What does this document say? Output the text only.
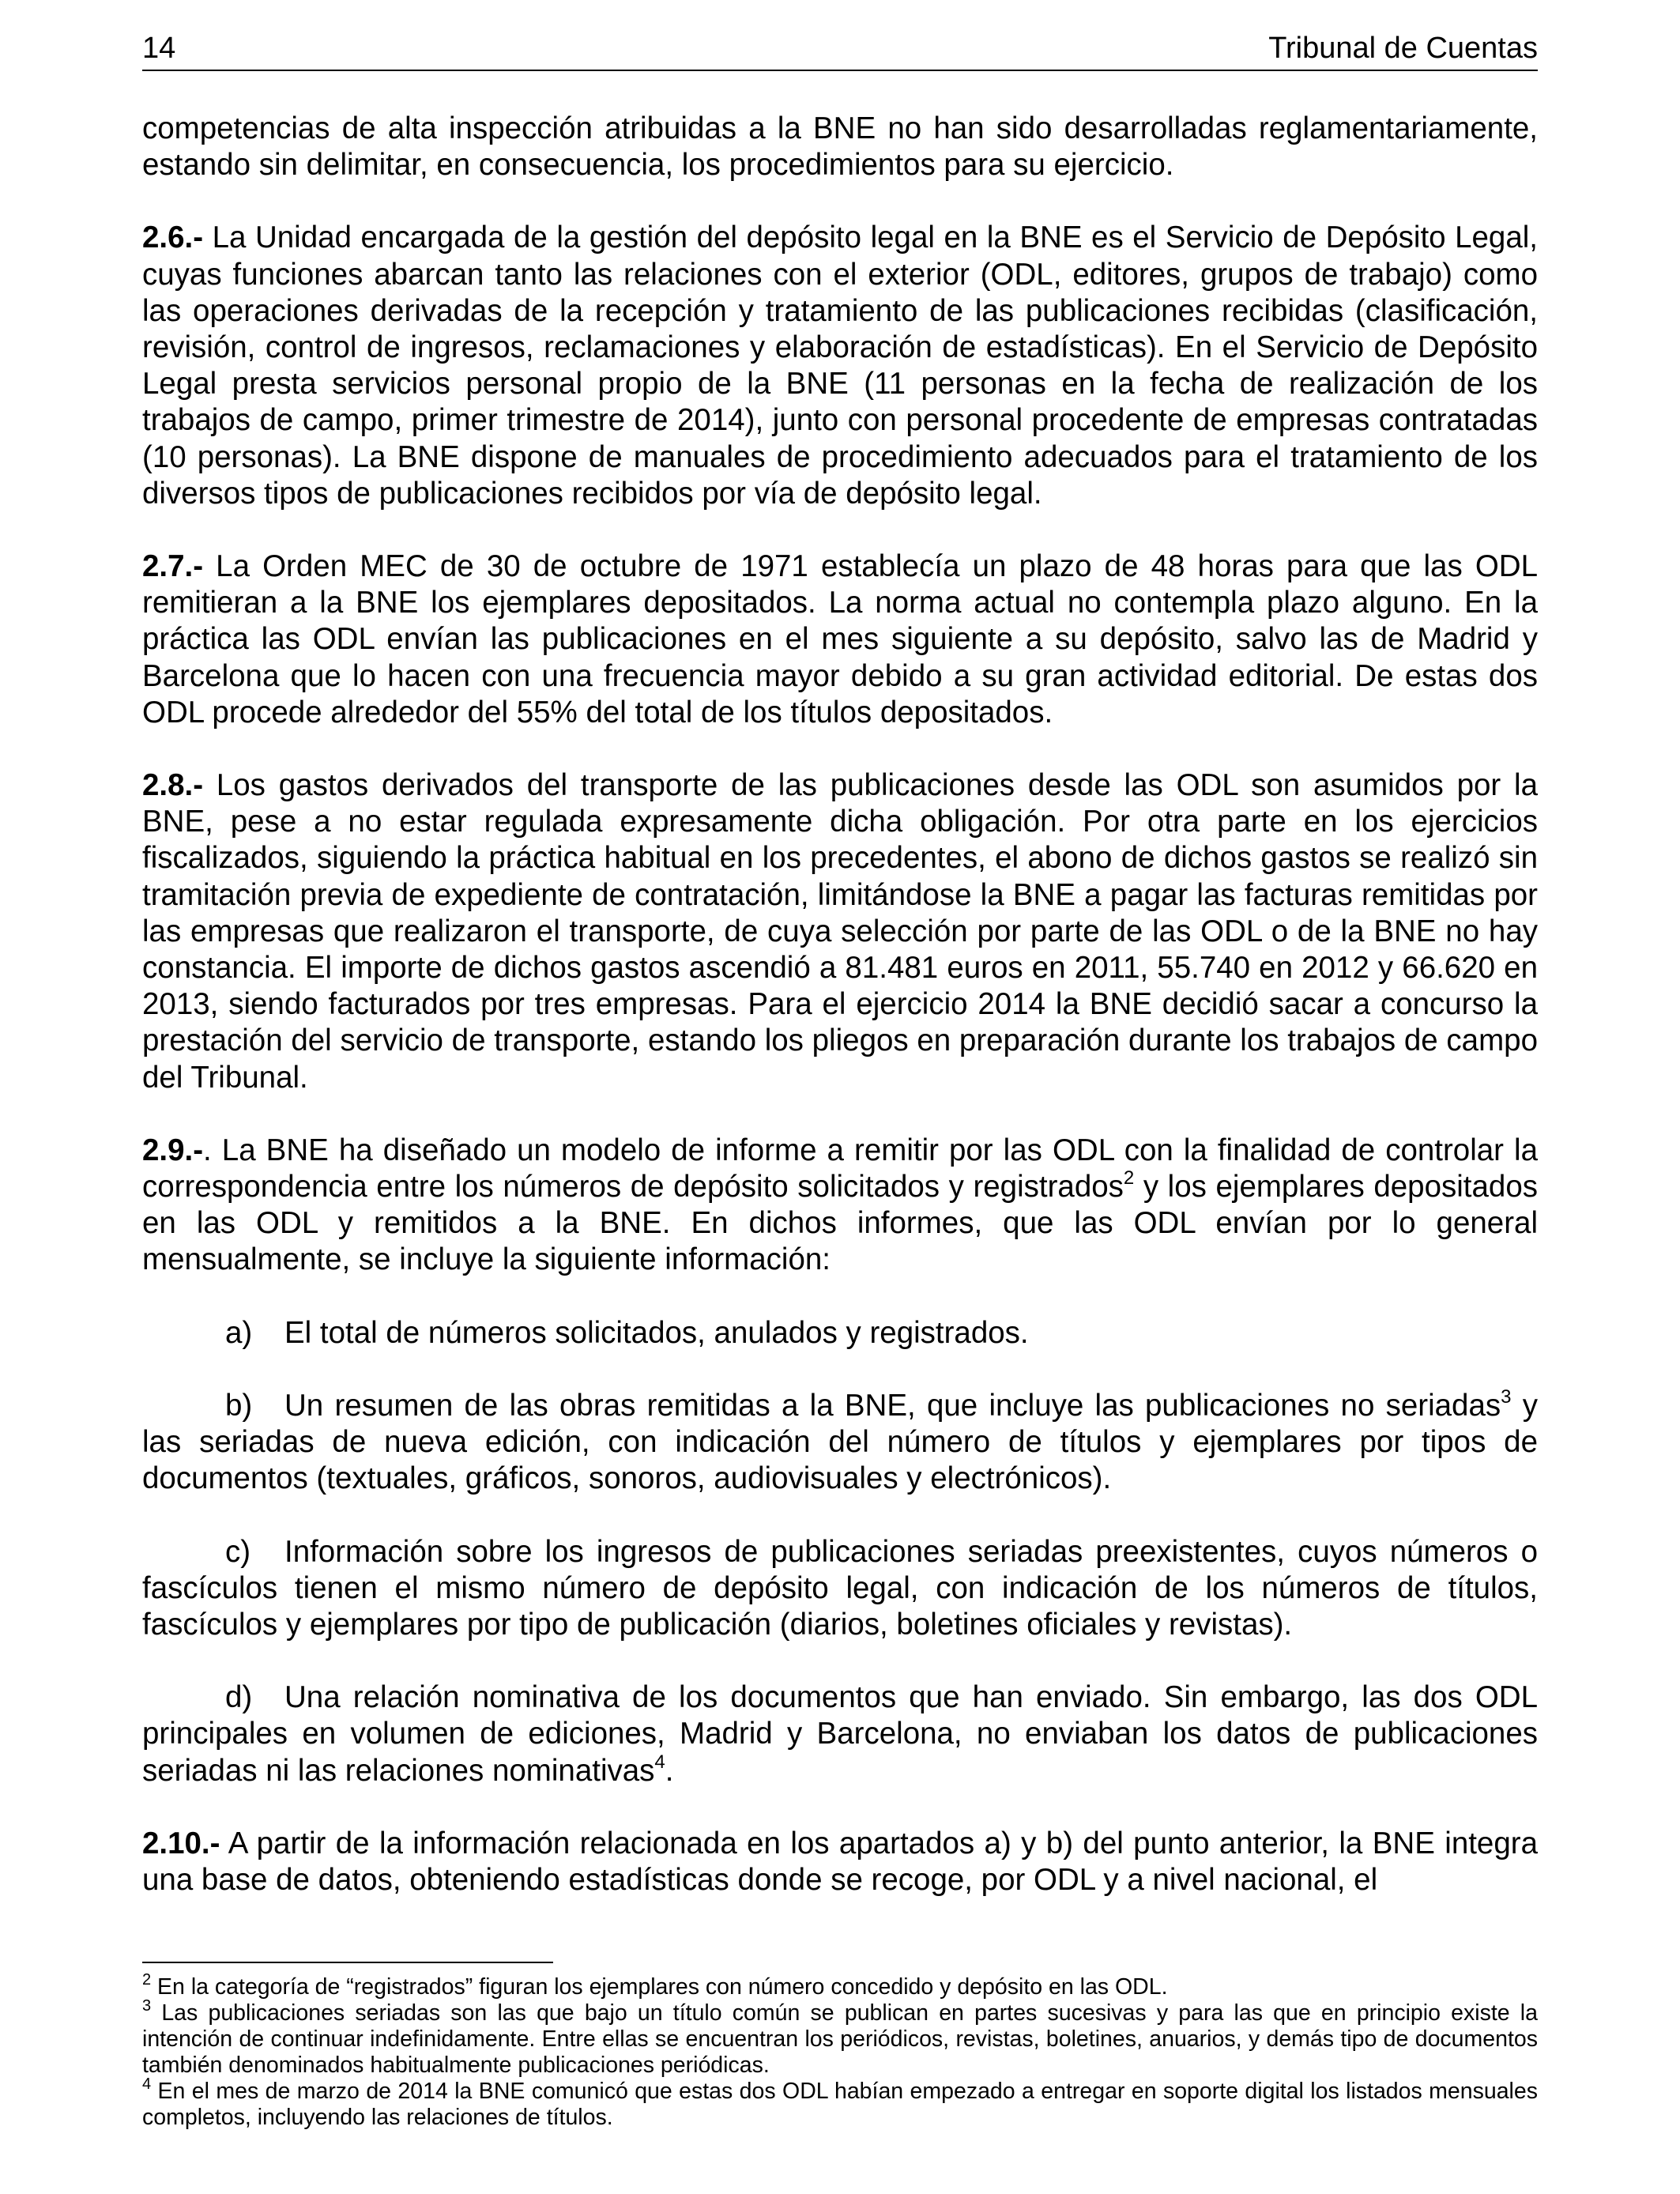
14	Tribunal de Cuentas

competencias de alta inspección atribuidas a la BNE no han sido desarrolladas reglamentariamente, estando sin delimitar, en consecuencia, los procedimientos para su ejercicio.

2.6.- La Unidad encargada de la gestión del depósito legal en la BNE es el Servicio de Depósito Legal, cuyas funciones abarcan tanto las relaciones con el exterior (ODL, editores, grupos de trabajo) como las operaciones derivadas de la recepción y tratamiento de las publicaciones recibidas (clasificación, revisión, control de ingresos, reclamaciones y elaboración de estadísticas). En el Servicio de Depósito Legal presta servicios personal propio de la BNE (11 personas en la fecha de realización de los trabajos de campo, primer trimestre de 2014), junto con personal procedente de empresas contratadas (10 personas). La BNE dispone de manuales de procedimiento adecuados para el tratamiento de los diversos tipos de publicaciones recibidos por vía de depósito legal.

2.7.- La Orden MEC de 30 de octubre de 1971 establecía un plazo de 48 horas para que las ODL remitieran a la BNE los ejemplares depositados. La norma actual no contempla plazo alguno. En la práctica las ODL envían las publicaciones en el mes siguiente a su depósito, salvo las de Madrid y Barcelona que lo hacen con una frecuencia mayor debido a su gran actividad editorial. De estas dos ODL procede alrededor del 55% del total de los títulos depositados.

2.8.- Los gastos derivados del transporte de las publicaciones desde las ODL son asumidos por la BNE, pese a no estar regulada expresamente dicha obligación. Por otra parte en los ejercicios fiscalizados, siguiendo la práctica habitual en los precedentes, el abono de dichos gastos se realizó sin tramitación previa de expediente de contratación, limitándose la BNE a pagar las facturas remitidas por las empresas que realizaron el transporte, de cuya selección por parte de las ODL o de la BNE no hay constancia. El importe de dichos gastos ascendió a 81.481 euros en 2011, 55.740 en 2012 y 66.620 en 2013, siendo facturados por tres empresas. Para el ejercicio 2014 la BNE decidió sacar a concurso la prestación del servicio de transporte, estando los pliegos en preparación durante los trabajos de campo del Tribunal.

2.9.-. La BNE ha diseñado un modelo de informe a remitir por las ODL con la finalidad de controlar la correspondencia entre los números de depósito solicitados y registrados$^2$ y los ejemplares depositados en las ODL y remitidos a la BNE. En dichos informes, que las ODL envían por lo general mensualmente, se incluye la siguiente información:

a) El total de números solicitados, anulados y registrados.

b) Un resumen de las obras remitidas a la BNE, que incluye las publicaciones no seriadas$^3$ y las seriadas de nueva edición, con indicación del número de títulos y ejemplares por tipos de documentos (textuales, gráficos, sonoros, audiovisuales y electrónicos).

c) Información sobre los ingresos de publicaciones seriadas preexistentes, cuyos números o fascículos tienen el mismo número de depósito legal, con indicación de los números de títulos, fascículos y ejemplares por tipo de publicación (diarios, boletines oficiales y revistas).

d) Una relación nominativa de los documentos que han enviado. Sin embargo, las dos ODL principales en volumen de ediciones, Madrid y Barcelona, no enviaban los datos de publicaciones seriadas ni las relaciones nominativas$^4$.

2.10.- A partir de la información relacionada en los apartados a) y b) del punto anterior, la BNE integra una base de datos, obteniendo estadísticas donde se recoge, por ODL y a nivel nacional, el

$^2$ En la categoría de “registrados” figuran los ejemplares con número concedido y depósito en las ODL.

$^3$ Las publicaciones seriadas son las que bajo un título común se publican en partes sucesivas y para las que en principio existe la intención de continuar indefinidamente. Entre ellas se encuentran los periódicos, revistas, boletines, anuarios, y demás tipo de documentos también denominados habitualmente publicaciones periódicas.

$^4$ En el mes de marzo de 2014 la BNE comunicó que estas dos ODL habían empezado a entregar en soporte digital los listados mensuales completos, incluyendo las relaciones de títulos.
